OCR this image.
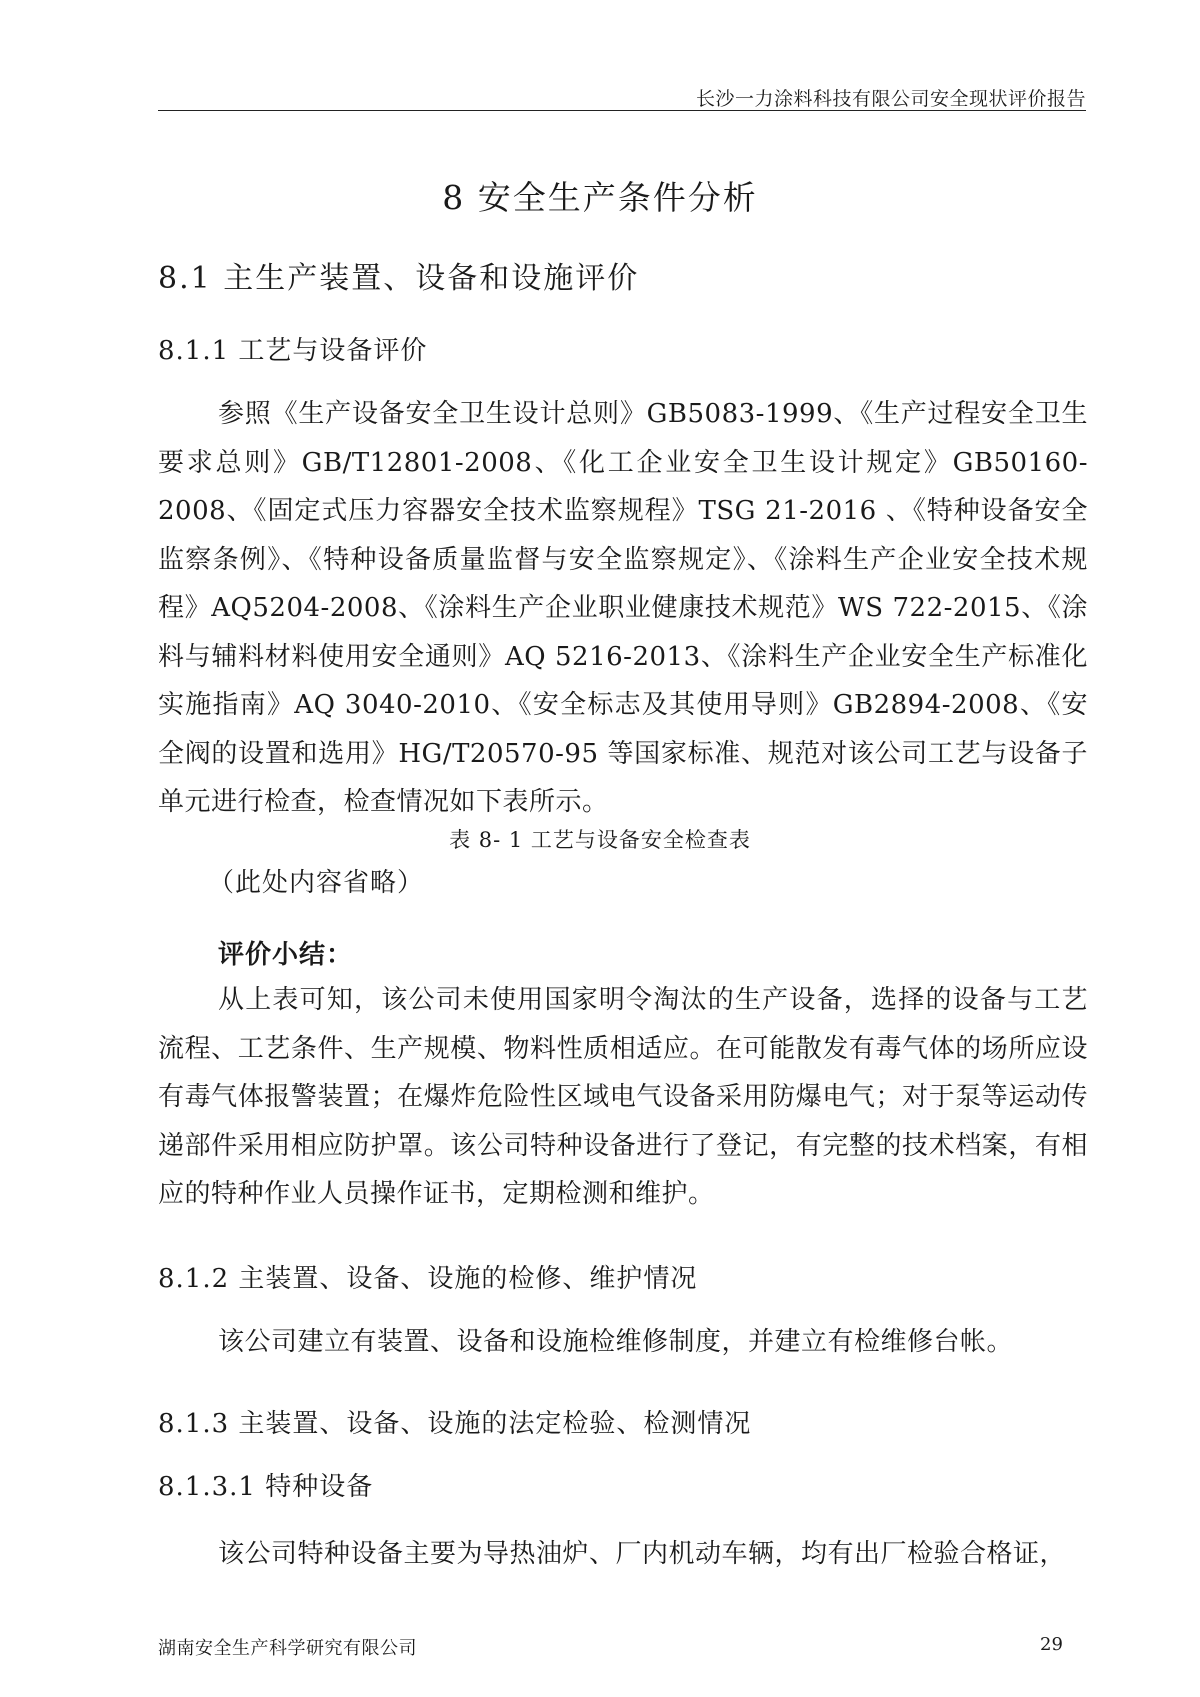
长沙一力涂料科技有限公司安全现状评价报告
8 安全生产条件分析
8.1 主生产装置、设备和设施评价
8.1.1 工艺与设备评价
参照《生产设备安全卫生设计总则》GB5083-1999、《生产过程安全卫生要求总则》GB/T12801-2008、《化工企业安全卫生设计规定》GB50160-2008、《固定式压力容器安全技术监察规程》TSG 21-2016 、《特种设备安全监察条例》、《特种设备质量监督与安全监察规定》、《涂料生产企业安全技术规程》AQ5204-2008、《涂料生产企业职业健康技术规范》WS 722-2015、《涂料与辅料材料使用安全通则》AQ 5216-2013、《涂料生产企业安全生产标准化实施指南》AQ 3040-2010、《安全标志及其使用导则》GB2894-2008、《安全阀的设置和选用》HG/T20570-95 等国家标准、规范对该公司工艺与设备子单元进行检查，检查情况如下表所示。
表 8- 1 工艺与设备安全检查表
（此处内容省略）
评价小结：
从上表可知，该公司未使用国家明令淘汰的生产设备，选择的设备与工艺流程、工艺条件、生产规模、物料性质相适应。在可能散发有毒气体的场所应设有毒气体报警装置；在爆炸危险性区域电气设备采用防爆电气；对于泵等运动传递部件采用相应防护罩。该公司特种设备进行了登记，有完整的技术档案，有相应的特种作业人员操作证书，定期检测和维护。
8.1.2 主装置、设备、设施的检修、维护情况
该公司建立有装置、设备和设施检维修制度，并建立有检维修台帐。
8.1.3 主装置、设备、设施的法定检验、检测情况
8.1.3.1 特种设备
该公司特种设备主要为导热油炉、厂内机动车辆，均有出厂检验合格证，
湖南安全生产科学研究有限公司	29
